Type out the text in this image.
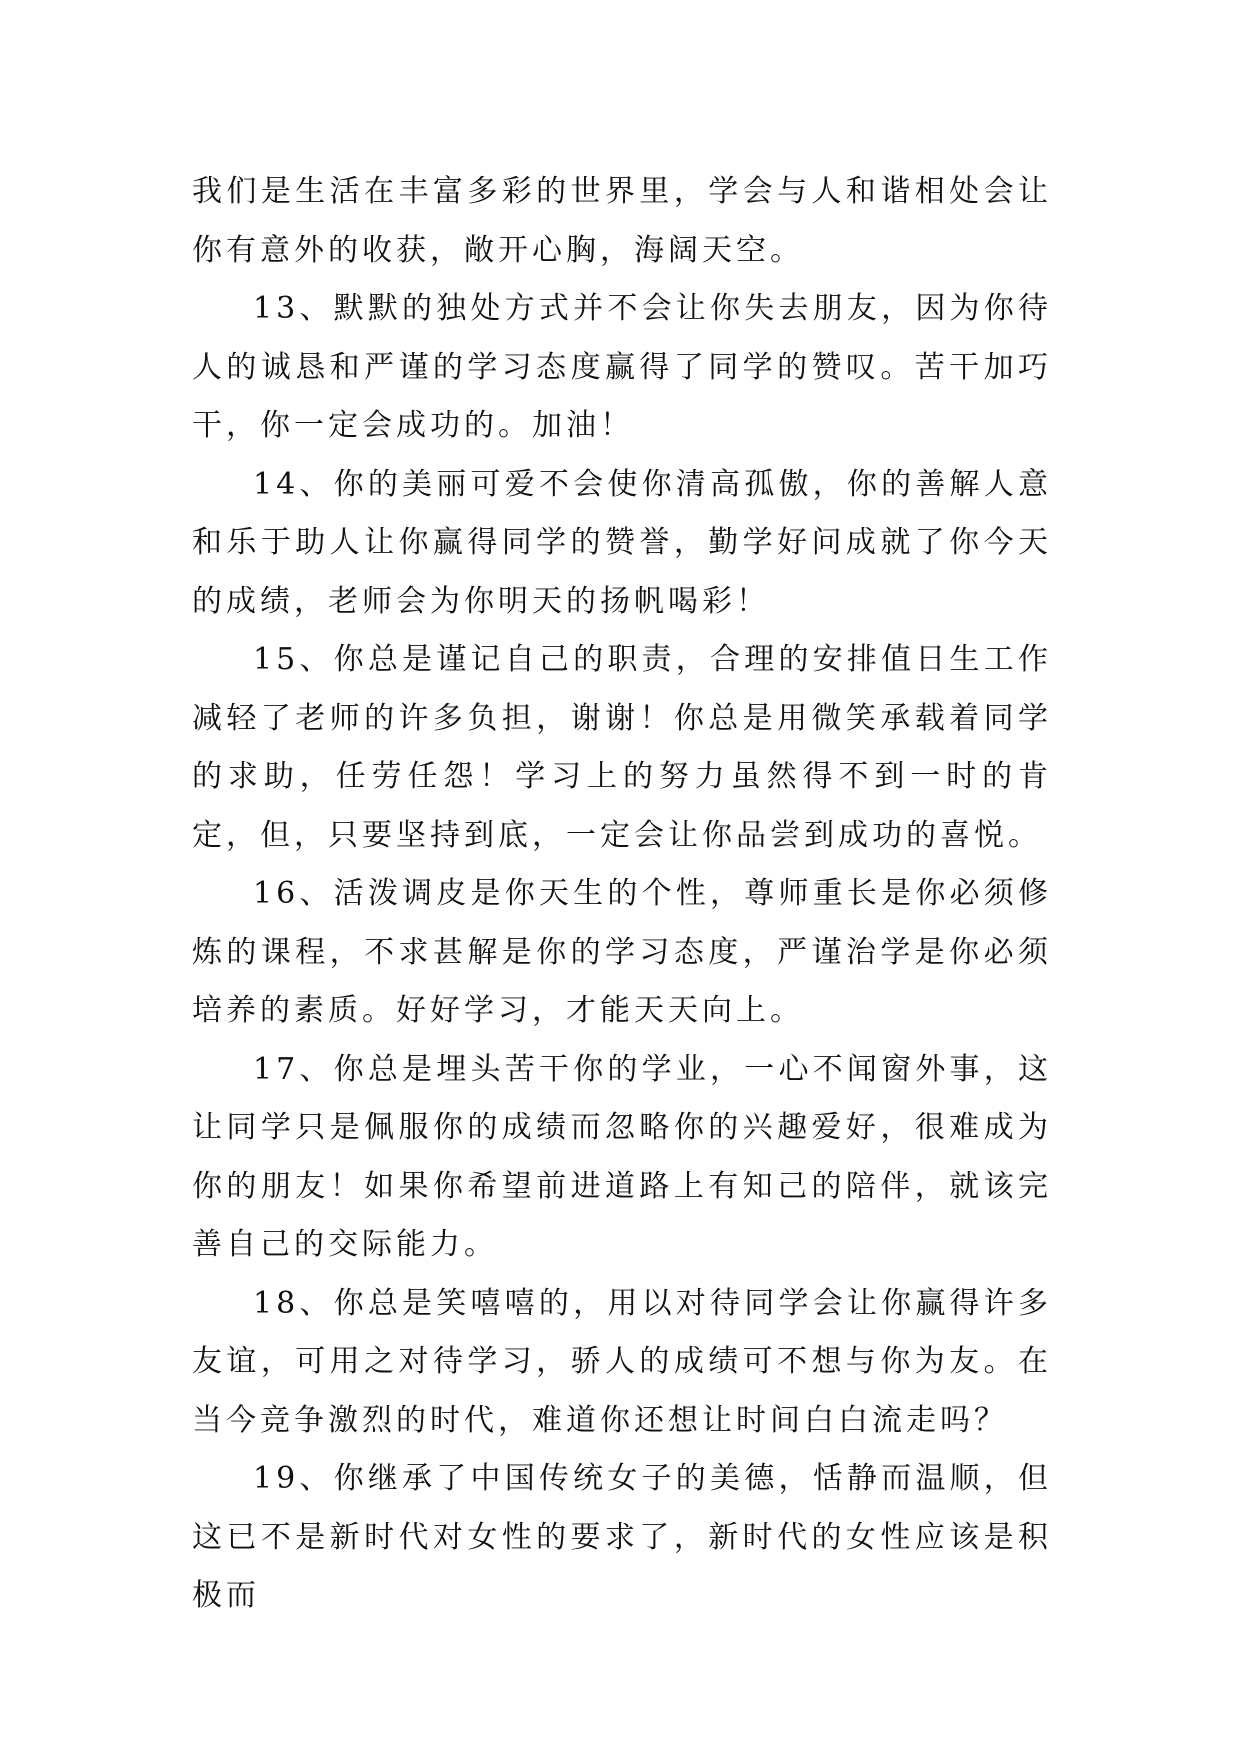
我们是生活在丰富多彩的世界里，学会与人和谐相处会让你有意外的收获，敞开心胸，海阔天空。

13、默默的独处方式并不会让你失去朋友，因为你待人的诚恳和严谨的学习态度赢得了同学的赞叹。苦干加巧干，你一定会成功的。加油！

14、你的美丽可爱不会使你清高孤傲，你的善解人意和乐于助人让你赢得同学的赞誉，勤学好问成就了你今天的成绩，老师会为你明天的扬帆喝彩！

15、你总是谨记自己的职责，合理的安排值日生工作减轻了老师的许多负担，谢谢！你总是用微笑承载着同学的求助，任劳任怨！学习上的努力虽然得不到一时的肯定，但，只要坚持到底，一定会让你品尝到成功的喜悦。

16、活泼调皮是你天生的个性，尊师重长是你必须修炼的课程，不求甚解是你的学习态度，严谨治学是你必须培养的素质。好好学习，才能天天向上。

17、你总是埋头苦干你的学业，一心不闻窗外事，这让同学只是佩服你的成绩而忽略你的兴趣爱好，很难成为你的朋友！如果你希望前进道路上有知己的陪伴，就该完善自己的交际能力。

18、你总是笑嘻嘻的，用以对待同学会让你赢得许多友谊，可用之对待学习，骄人的成绩可不想与你为友。在当今竞争激烈的时代，难道你还想让时间白白流走吗？

19、你继承了中国传统女子的美德，恬静而温顺，但这已不是新时代对女性的要求了，新时代的女性应该是积极而
